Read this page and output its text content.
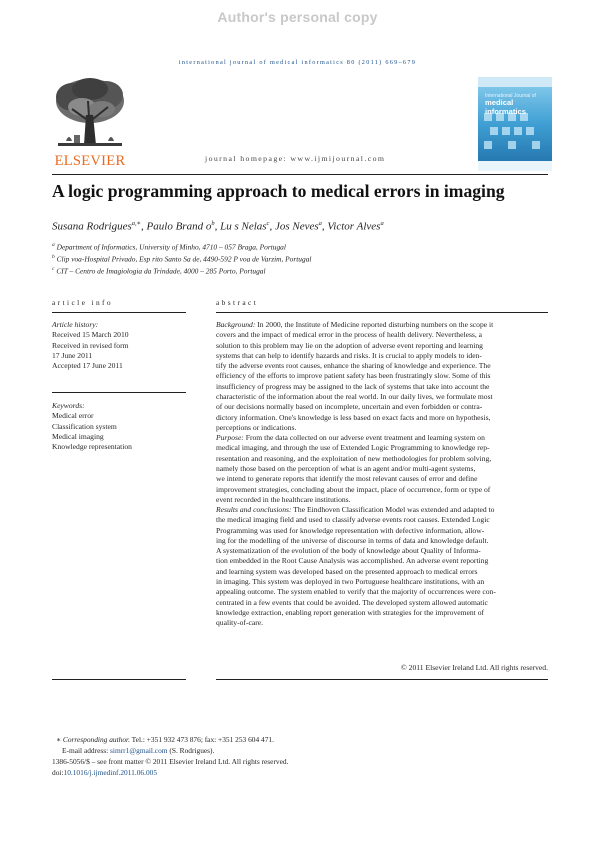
Author's personal copy
international journal of medical informatics 80 (2011) 669–679
ELSEVIER	journal homepage: www.ijmijournal.com
International Journal of
medical informatics
A logic programming approach to medical errors in imaging
Susana Rodrigues$^{a,∗}$, Paulo Brand $o^b$, Lu s Nelas$^c$, Jos Neves$^a$, Victor Alves$^a$
$^a$ Department of Informatics, University of Minho, 4710 – 057 Braga, Portugal
$^b$ Clip voa-Hospital Privado, Esp rito Santo Sa de, 4490-592 P voa de Varzim, Portugal
$^c$ CIT – Centro de Imagiologia da Trindade, 4000 – 285 Porto, Portugal
article info	abstract
Article history:
Received 15 March 2010
Received in revised form
17 June 2011
Accepted 17 June 2011
Keywords:
Medical error
Classification system
Medical imaging
Knowledge representation
Background: In 2000, the Institute of Medicine reported disturbing numbers on the scope it
covers and the impact of medical error in the process of health delivery. Nevertheless, a
solution to this problem may lie on the adoption of adverse event reporting and learning
systems that can help to identify hazards and risks. It is crucial to apply models to iden-
tify the adverse events root causes, enhance the sharing of knowledge and experience. The
efficiency of the efforts to improve patient safety has been frustratingly slow. Some of this
insufficiency of progress may be assigned to the lack of systems that take into account the
characteristic of the information about the real world. In our daily lives, we formulate most
of our decisions normally based on incomplete, uncertain and even forbidden or contra-
dictory information. One's knowledge is less based on exact facts and more on hypothesis,
perceptions or indications.
Purpose: From the data collected on our adverse event treatment and learning system on
medical imaging, and through the use of Extended Logic Programming to knowledge rep-
resentation and reasoning, and the exploitation of new methodologies for problem solving,
namely those based on the perception of what is an agent and/or multi-agent systems,
we intend to generate reports that identify the most relevant causes of error and define
improvement strategies, concluding about the impact, place of occurrence, form or type of
event recorded in the healthcare institutions.
Results and conclusions: The Eindhoven Classification Model was extended and adapted to
the medical imaging field and used to classify adverse events root causes. Extended Logic
Programming was used for knowledge representation with defective information, allow-
ing for the modelling of the universe of discourse in terms of data and knowledge default.
A systematization of the evolution of the body of knowledge about Quality of Informa-
tion embedded in the Root Cause Analysis was accomplished. An adverse event reporting
and learning system was developed based on the presented approach to medical errors
in imaging. This system was deployed in two Portuguese healthcare institutions, with an
appealing outcome. The system enabled to verify that the majority of occurrences were con-
centrated in a few events that could be avoided. The developed system allowed automatic
knowledge extraction, enabling report generation with strategies for the improvement of
quality-of-care.
© 2011 Elsevier Ireland Ltd. All rights reserved.
∗ Corresponding author. Tel.: +351 932 473 876; fax: +351 253 604 471.
E-mail address: simrr1@gmail.com (S. Rodrigues).
1386-5056/$ – see front matter © 2011 Elsevier Ireland Ltd. All rights reserved.
doi:10.1016/j.ijmedinf.2011.06.005
